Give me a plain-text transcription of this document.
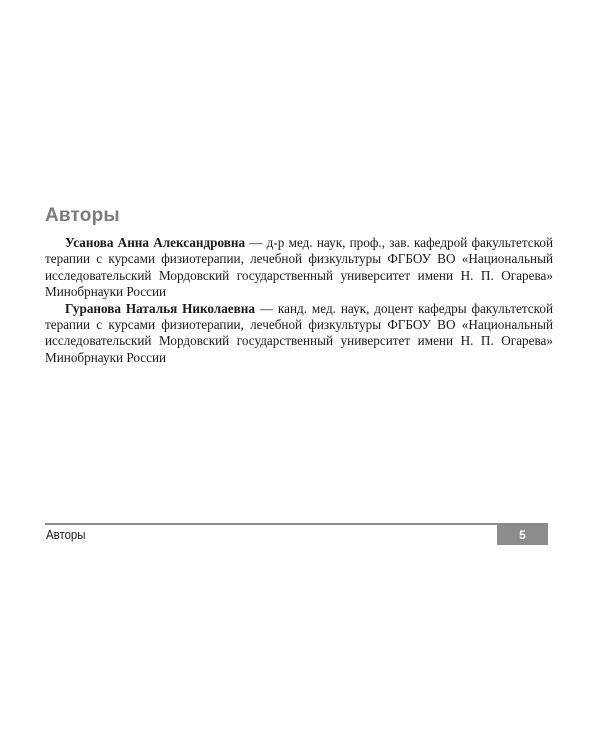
Авторы

Усанова Анна Александровна — д-р мед. наук, проф., зав. кафедрой факультетской терапии с курсами физиотерапии, лечебной физкультуры ФГБОУ ВО «Национальный исследовательский Мордовский государственный университет имени Н. П. Огарева» Минобрнауки России

Гуранова Наталья Николаевна — канд. мед. наук, доцент кафедры факультетской терапии с курсами физиотерапии, лечебной физкультуры ФГБОУ ВО «Национальный исследовательский Мордовский государственный университет имени Н. П. Огарева» Минобрнауки России

Авторы	5
